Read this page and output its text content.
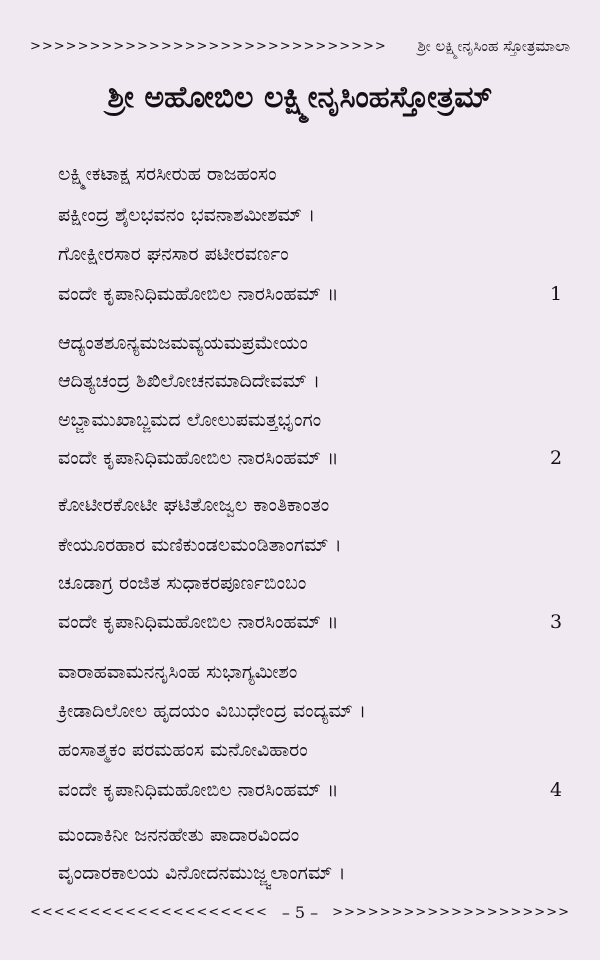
>>>>>>>>>>>>>>>>>>>>>>>>>>>>>> ಶ್ರೀ ಲಕ್ಷ್ಮೀನೃಸಿಂಹ ಸ್ತೋತ್ರಮಾಲಾ
ಶ್ರೀ ಅಹೋಬಿಲ ಲಕ್ಷ್ಮೀನೃಸಿಂಹಸ್ತೋತ್ರಮ್
ಲಕ್ಷ್ಮೀಕಟಾಕ್ಷ ಸರಸೀರುಹ ರಾಜಹಂಸಂ
ಪಕ್ಷೀಂದ್ರ ಶೈಲಭವನಂ ಭವನಾಶಮೀಶಮ್ ।
ಗೋಕ್ಷೀರಸಾರ ಘನಸಾರ ಪಟೀರವರ್ಣಂ
ವಂದೇ ಕೃಪಾನಿಧಿಮಹೋಬಿಲ ನಾರಸಿಂಹಮ್ ॥	1
ಆದ್ಯಂತಶೂನ್ಯಮಜಮವ್ಯಯಮಪ್ರಮೇಯಂ
ಆದಿತ್ಯಚಂದ್ರ ಶಿಖಿಲೋಚನಮಾದಿದೇವಮ್ ।
ಅಬ್ಜಾಮುಖಾಬ್ಜಮದ ಲೋಲುಪಮತ್ತಭೃಂಗಂ
ವಂದೇ ಕೃಪಾನಿಧಿಮಹೋಬಿಲ ನಾರಸಿಂಹಮ್ ॥	2
ಕೋಟೀರಕೋಟೀ ಘಟಿತೋಜ್ವಲ ಕಾಂತಿಕಾಂತಂ
ಕೇಯೂರಹಾರ ಮಣಿಕುಂಡಲಮಂಡಿತಾಂಗಮ್ ।
ಚೂಡಾಗ್ರ ರಂಜಿತ ಸುಧಾಕರಪೂರ್ಣಬಿಂಬಂ
ವಂದೇ ಕೃಪಾನಿಧಿಮಹೋಬಿಲ ನಾರಸಿಂಹಮ್ ॥	3
ವಾರಾಹವಾಮನನೃಸಿಂಹ ಸುಭಾಗ್ಯಮೀಶಂ
ಕ್ರೀಡಾದಿಲೋಲ ಹೃದಯಂ ವಿಬುಧೇಂದ್ರ ವಂದ್ಯಮ್ ।
ಹಂಸಾತ್ಮಕಂ ಪರಮಹಂಸ ಮನೋವಿಹಾರಂ
ವಂದೇ ಕೃಪಾನಿಧಿಮಹೋಬಿಲ ನಾರಸಿಂಹಮ್ ॥	4
ಮಂದಾಕಿನೀ ಜನನಹೇತು ಪಾದಾರವಿಂದಂ
<<<<<<<<<<<<<<<<<<<< – 5 – >>>>>>>>>>>>>>>>>>>>
ವೃಂದಾರಕಾಲಯ ವಿನೋದನಮುಜ್ಜ್ವಲಾಂಗಮ್ ।
